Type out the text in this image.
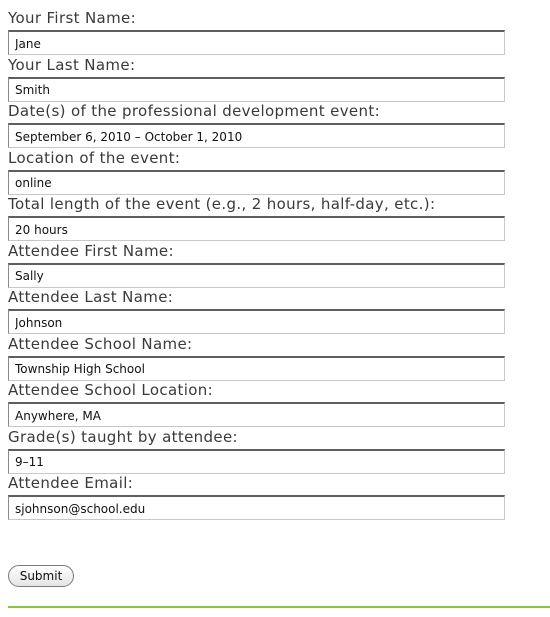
Your First Name:
Jane
Your Last Name:
Smith
Date(s) of the professional development event:
September 6, 2010 – October 1, 2010
Location of the event:
online
Total length of the event (e.g., 2 hours, half-day, etc.):
20 hours
Attendee First Name:
Sally
Attendee Last Name:
Johnson
Attendee School Name:
Township High School
Attendee School Location:
Anywhere, MA
Grade(s) taught by attendee:
9–11
Attendee Email:
sjohnson@school.edu
Submit
